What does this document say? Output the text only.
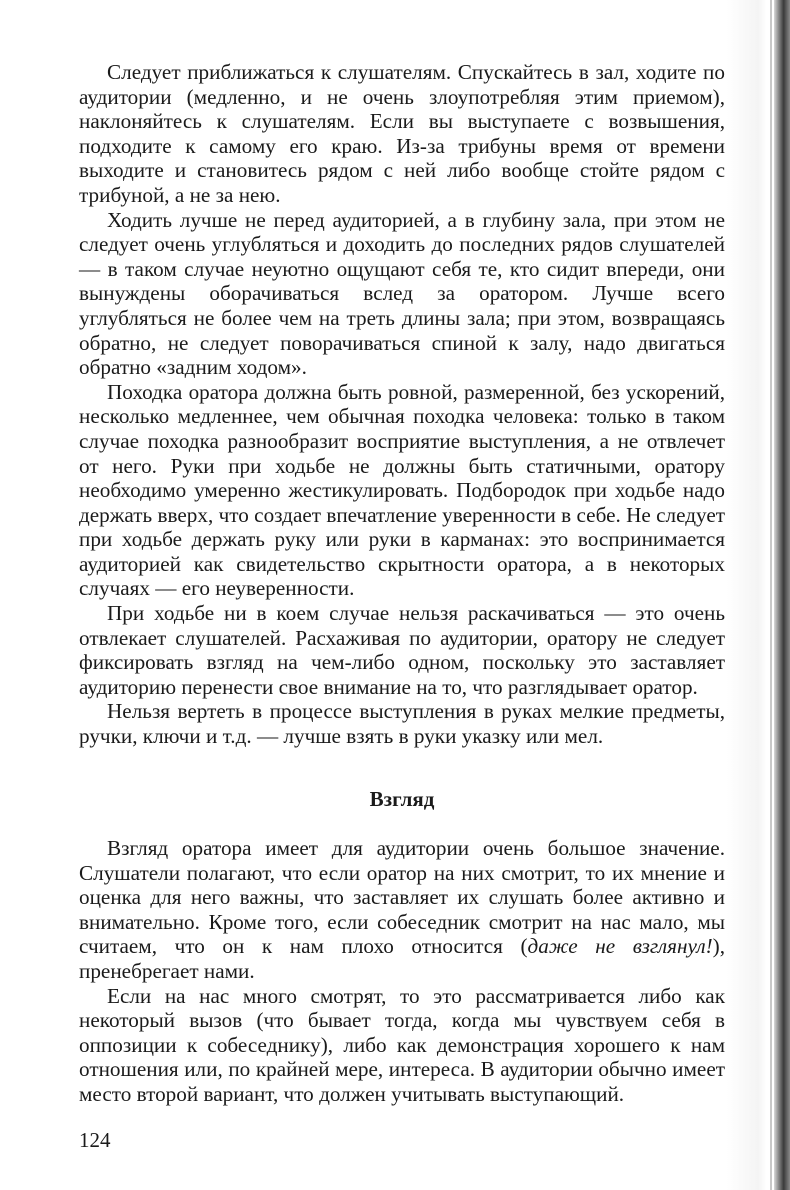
Следует приближаться к слушателям. Спускайтесь в зал, ходите по аудитории (медленно, и не очень злоупотребляя этим приемом), наклоняйтесь к слушателям. Если вы выступаете с возвышения, подходите к самому его краю. Из-за трибуны время от времени выходите и становитесь рядом с ней либо вообще стойте рядом с трибуной, а не за нею.

Ходить лучше не перед аудиторией, а в глубину зала, при этом не следует очень углубляться и доходить до последних рядов слушателей — в таком случае неуютно ощущают себя те, кто сидит впереди, они вынуждены оборачиваться вслед за оратором. Лучше всего углубляться не более чем на треть длины зала; при этом, возвращаясь обратно, не следует поворачиваться спиной к залу, надо двигаться обратно «задним ходом».

Походка оратора должна быть ровной, размеренной, без ускорений, несколько медленнее, чем обычная походка человека: только в таком случае походка разнообразит восприятие выступления, а не отвлечет от него. Руки при ходьбе не должны быть статичными, оратору необходимо умеренно жестикулировать. Подбородок при ходьбе надо держать вверх, что создает впечатление уверенности в себе. Не следует при ходьбе держать руку или руки в карманах: это воспринимается аудиторией как свидетельство скрытности оратора, а в некоторых случаях — его неуверенности.

При ходьбе ни в коем случае нельзя раскачиваться — это очень отвлекает слушателей. Расхаживая по аудитории, оратору не следует фиксировать взгляд на чем-либо одном, поскольку это заставляет аудиторию перенести свое внимание на то, что разглядывает оратор.

Нельзя вертеть в процессе выступления в руках мелкие предметы, ручки, ключи и т.д. — лучше взять в руки указку или мел.

Взгляд

Взгляд оратора имеет для аудитории очень большое значение. Слушатели полагают, что если оратор на них смотрит, то их мнение и оценка для него важны, что заставляет их слушать более активно и внимательно. Кроме того, если собеседник смотрит на нас мало, мы считаем, что он к нам плохо относится (даже не взглянул!), пренебрегает нами.

Если на нас много смотрят, то это рассматривается либо как некоторый вызов (что бывает тогда, когда мы чувствуем себя в оппозиции к собеседнику), либо как демонстрация хорошего к нам отношения или, по крайней мере, интереса. В аудитории обычно имеет место второй вариант, что должен учитывать выступающий.

124
